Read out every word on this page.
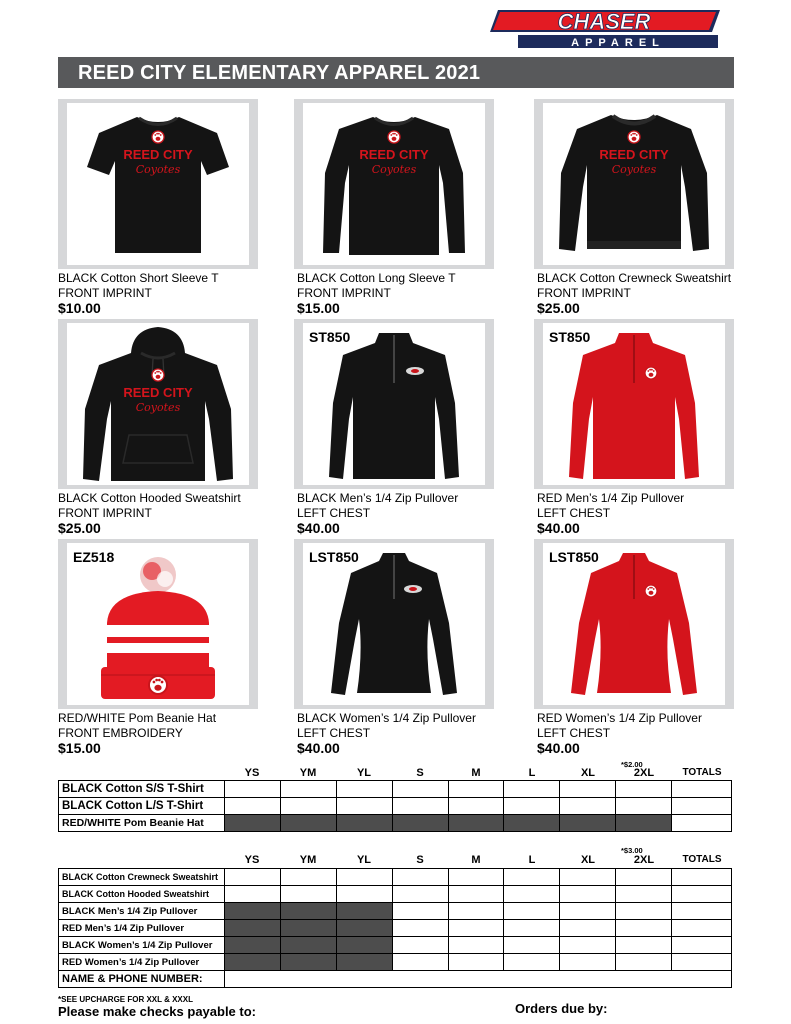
CHASER
APPAREL
REED CITY ELEMENTARY APPAREL 2021
REED CITY
Coyotes
BLACK Cotton Short Sleeve T
FRONT IMPRINT
$10.00
REED CITY
Coyotes
BLACK Cotton Long Sleeve T
FRONT IMPRINT
$15.00
REED CITY
Coyotes
BLACK Cotton Crewneck Sweatshirt
FRONT IMPRINT
$25.00
REED CITY
Coyotes
BLACK Cotton Hooded Sweatshirt
FRONT IMPRINT
$25.00
ST850
BLACK Men’s 1/4 Zip Pullover
LEFT CHEST
$40.00
ST850
RED Men’s 1/4 Zip Pullover
LEFT CHEST
$40.00
EZ518
RED/WHITE Pom Beanie Hat
FRONT EMBROIDERY
$15.00
LST850
BLACK Women’s 1/4 Zip Pullover
LEFT CHEST
$40.00
LST850
RED Women’s 1/4 Zip Pullover
LEFT CHEST
$40.00
*$2.00
YS	YM	YL	S	M	L	XL	2XL	TOTALS
BLACK Cotton S/S T-Shirt									
BLACK Cotton L/S T-Shirt									
RED/WHITE Pom Beanie Hat									
*$3.00
YS	YM	YL	S	M	L	XL	2XL	TOTALS
BLACK Cotton Crewneck Sweatshirt									
BLACK Cotton Hooded Sweatshirt									
BLACK Men’s 1/4 Zip Pullover									
RED Men’s 1/4 Zip Pullover									
BLACK Women’s 1/4 Zip Pullover									
RED Women’s 1/4 Zip Pullover									
NAME & PHONE NUMBER:									
*SEE UPCHARGE FOR XXL & XXXL
Please make checks payable to:	Orders due by:
